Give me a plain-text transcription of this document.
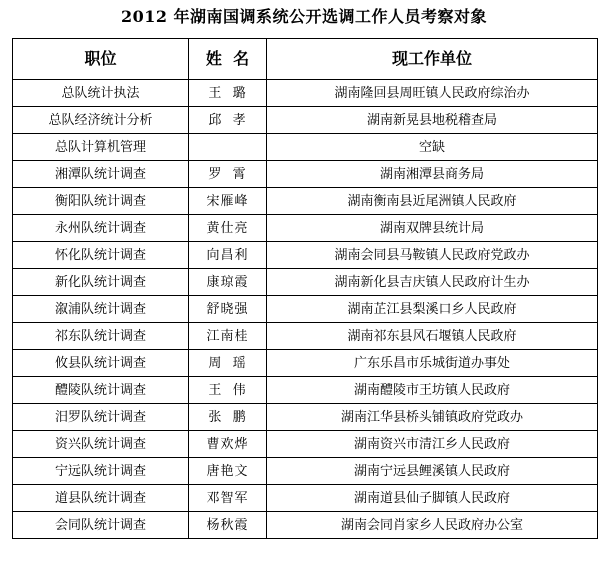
2012 年湖南国调系统公开选调工作人员考察对象
职位	姓  名	现工作单位
总队统计执法	王  璐	湖南隆回县周旺镇人民政府综治办
总队经济统计分析	邱  孝	湖南新晃县地税稽查局
总队计算机管理		空缺
湘潭队统计调查	罗  霄	湖南湘潭县商务局
衡阳队统计调查	宋雁峰	湖南衡南县近尾洲镇人民政府
永州队统计调查	黄仕亮	湖南双牌县统计局
怀化队统计调查	向昌利	湖南会同县马鞍镇人民政府党政办
新化队统计调查	康琼霞	湖南新化县吉庆镇人民政府计生办
溆浦队统计调查	舒晓强	湖南芷江县梨溪口乡人民政府
祁东队统计调查	江南桂	湖南祁东县风石堰镇人民政府
攸县队统计调查	周  瑶	广东乐昌市乐城街道办事处
醴陵队统计调查	王  伟	湖南醴陵市王坊镇人民政府
汨罗队统计调查	张  鹏	湖南江华县桥头铺镇政府党政办
资兴队统计调查	曹欢烨	湖南资兴市清江乡人民政府
宁远队统计调查	唐艳文	湖南宁远县鲤溪镇人民政府
道县队统计调查	邓智军	湖南道县仙子脚镇人民政府
会同队统计调查	杨秋霞	湖南会同肖家乡人民政府办公室
